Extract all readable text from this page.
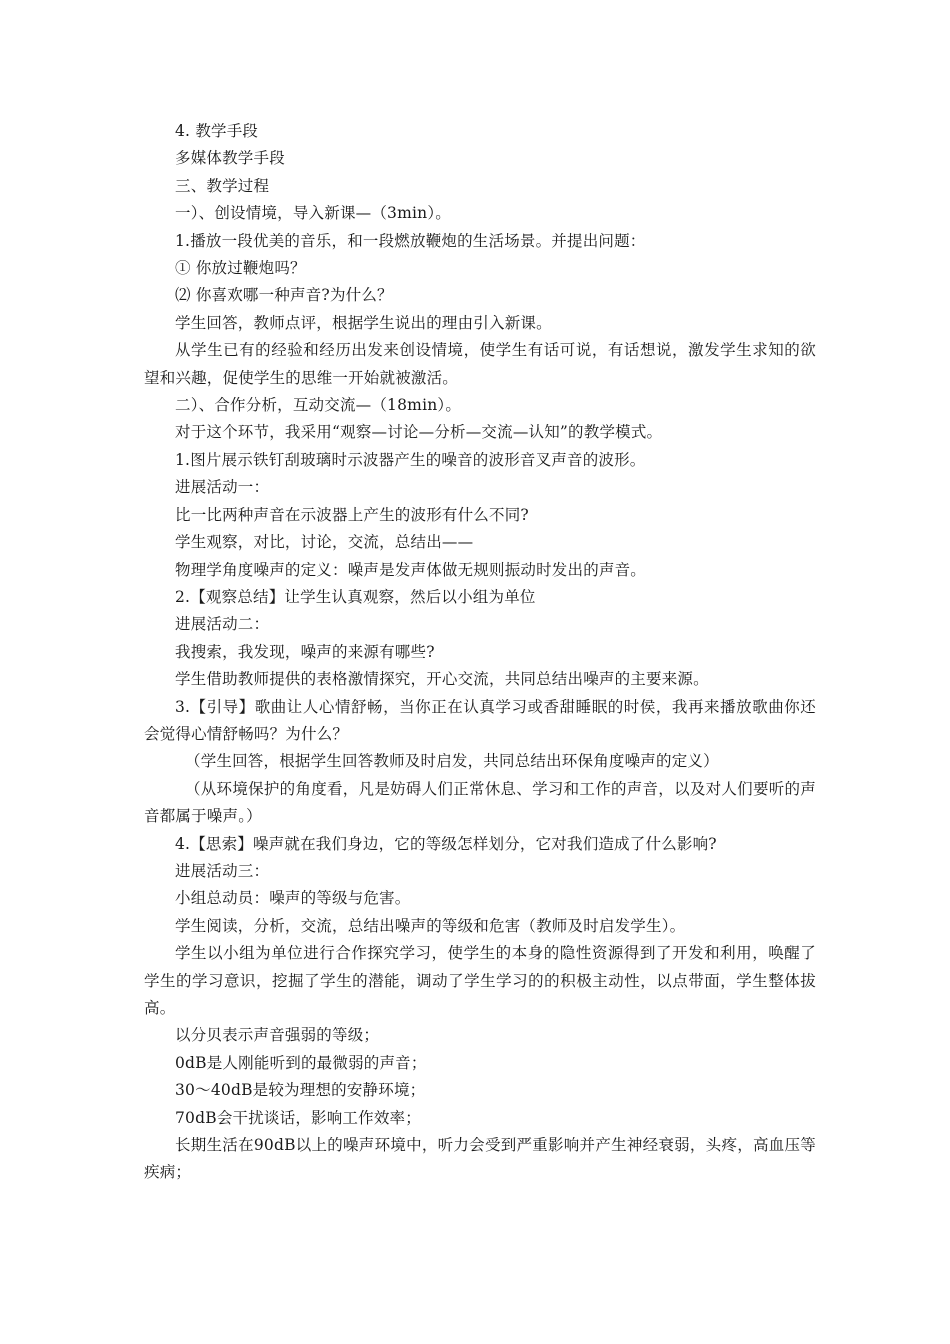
4. 教学手段
多媒体教学手段
三、教学过程
一）、创设情境，导入新课—（3min）。
1.播放一段优美的音乐，和一段燃放鞭炮的生活场景。并提出问题：
① 你放过鞭炮吗？
⑵ 你喜欢哪一种声音?为什么？
学生回答，教师点评，根据学生说出的理由引入新课。
从学生已有的经验和经历出发来创设情境，使学生有话可说，有话想说，激发学生求知的欲望和兴趣，促使学生的思维一开始就被激活。
二）、合作分析，互动交流—（18min）。
对于这个环节，我采用“观察—讨论—分析—交流—认知”的教学模式。
1.图片展示铁钉刮玻璃时示波器产生的噪音的波形音叉声音的波形。
进展活动一：
比一比两种声音在示波器上产生的波形有什么不同?
学生观察，对比，讨论，交流，总结出——
物理学角度噪声的定义：噪声是发声体做无规则振动时发出的声音。
2.【观察总结】让学生认真观察，然后以小组为单位
进展活动二：
我搜索，我发现，噪声的来源有哪些?
学生借助教师提供的表格激情探究，开心交流，共同总结出噪声的主要来源。
3.【引导】歌曲让人心情舒畅，当你正在认真学习或香甜睡眠的时侯，我再来播放歌曲你还会觉得心情舒畅吗？为什么？
（学生回答，根据学生回答教师及时启发，共同总结出环保角度噪声的定义）
（从环境保护的角度看，凡是妨碍人们正常休息、学习和工作的声音，以及对人们要听的声音都属于噪声。）
4.【思索】噪声就在我们身边，它的等级怎样划分，它对我们造成了什么影响?
进展活动三：
小组总动员：噪声的等级与危害。
学生阅读，分析，交流，总结出噪声的等级和危害（教师及时启发学生）。
学生以小组为单位进行合作探究学习，使学生的本身的隐性资源得到了开发和利用，唤醒了学生的学习意识，挖掘了学生的潜能，调动了学生学习的的积极主动性，以点带面，学生整体拔高。
以分贝表示声音强弱的等级；
0dB是人刚能听到的最微弱的声音；
30～40dB是较为理想的安静环境；
70dB会干扰谈话，影响工作效率；
长期生活在90dB以上的噪声环境中，听力会受到严重影响并产生神经衰弱，头疼，高血压等疾病；
